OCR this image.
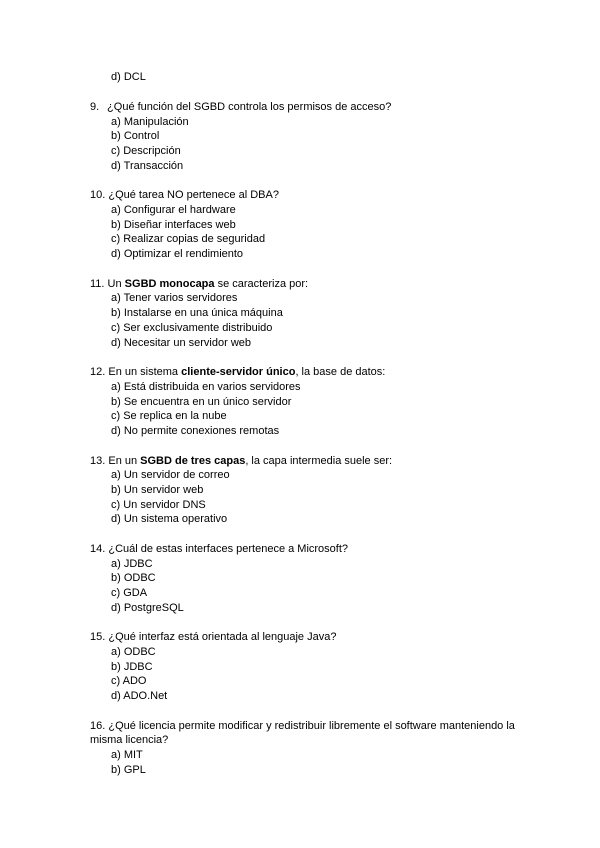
d) DCL
9. ¿Qué función del SGBD controla los permisos de acceso?
a) Manipulación
b) Control
c) Descripción
d) Transacción
10. ¿Qué tarea NO pertenece al DBA?
a) Configurar el hardware
b) Diseñar interfaces web
c) Realizar copias de seguridad
d) Optimizar el rendimiento
11. Un SGBD monocapa se caracteriza por:
a) Tener varios servidores
b) Instalarse en una única máquina
c) Ser exclusivamente distribuido
d) Necesitar un servidor web
12. En un sistema cliente-servidor único, la base de datos:
a) Está distribuida en varios servidores
b) Se encuentra en un único servidor
c) Se replica en la nube
d) No permite conexiones remotas
13. En un SGBD de tres capas, la capa intermedia suele ser:
a) Un servidor de correo
b) Un servidor web
c) Un servidor DNS
d) Un sistema operativo
14. ¿Cuál de estas interfaces pertenece a Microsoft?
a) JDBC
b) ODBC
c) GDA
d) PostgreSQL
15. ¿Qué interfaz está orientada al lenguaje Java?
a) ODBC
b) JDBC
c) ADO
d) ADO.Net
16. ¿Qué licencia permite modificar y redistribuir libremente el software manteniendo la misma licencia?
a) MIT
b) GPL
